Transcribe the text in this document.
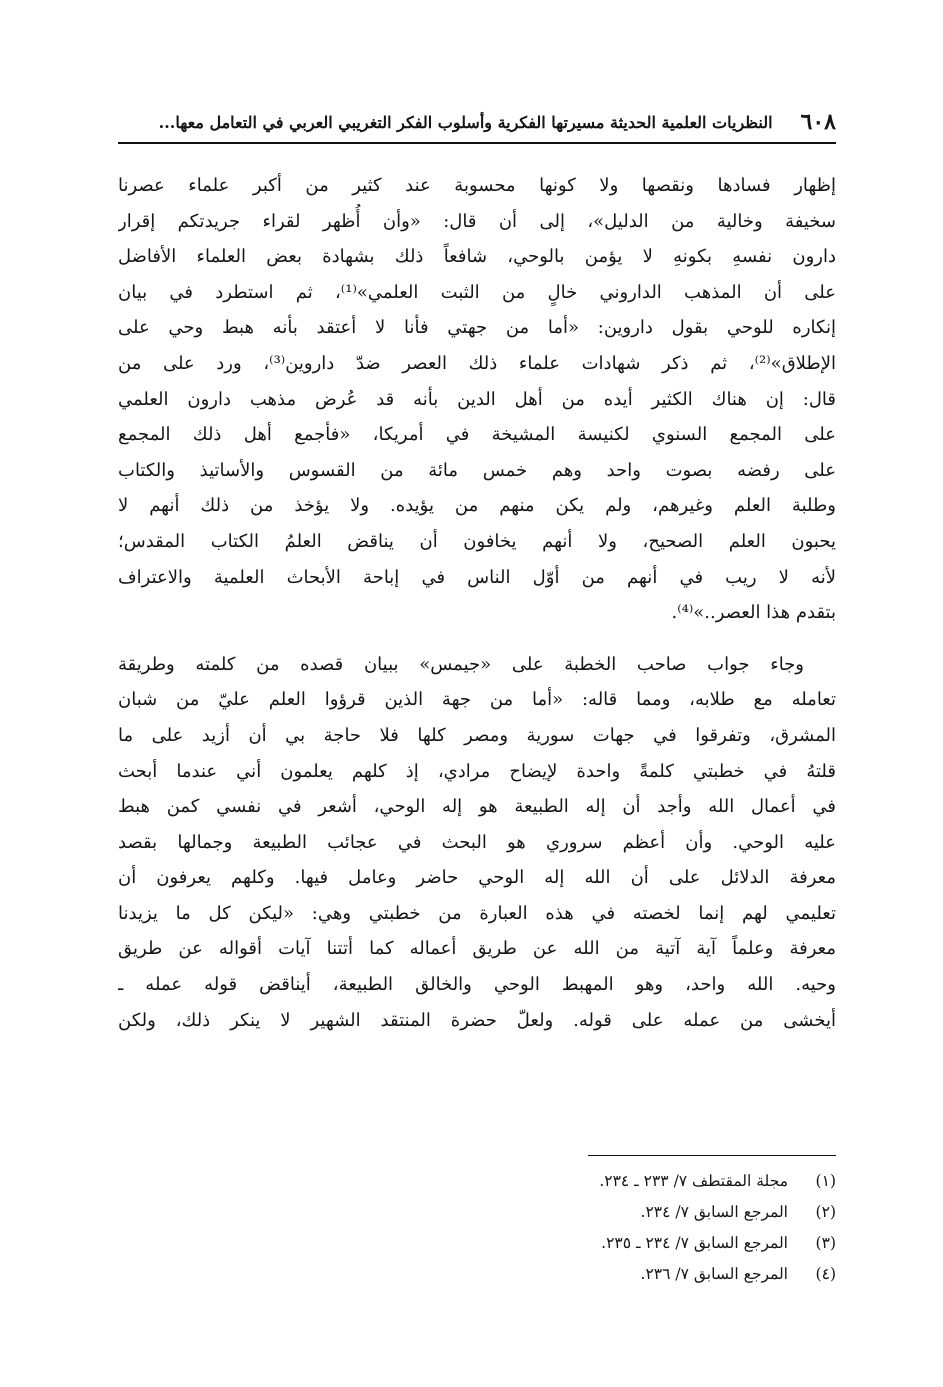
٦٠٨
النظريات العلمية الحديثة مسيرتها الفكرية وأسلوب الفكر التغريبي العربي في التعامل معها...
إظهار فسادها ونقصها ولا كونها محسوبة عند كثير من أكبر علماء عصرنا
سخيفة وخالية من الدليل»، إلى أن قال: «وأن أُظهر لقراء جريدتكم إقرار
دارون نفسهِ بكونهِ لا يؤمن بالوحي، شافعاً ذلك بشهادة بعض العلماء الأفاضل
على أن المذهب الداروني خالٍ من الثبت العلمي»⁽¹⁾، ثم استطرد في بيان
إنكاره للوحي بقول داروين: «أما من جهتي فأنا لا أعتقد بأنه هبط وحي على
الإطلاق»⁽²⁾، ثم ذكر شهادات علماء ذلك العصر ضدّ داروين⁽³⁾، ورد على من
قال: إن هناك الكثير أيده من أهل الدين بأنه قد عُرض مذهب دارون العلمي
على المجمع السنوي لكنيسة المشيخة في أمريكا، «فأجمع أهل ذلك المجمع
على رفضه بصوت واحد وهم خمس مائة من القسوس والأساتيذ والكتاب
وطلبة العلم وغيرهم، ولم يكن منهم من يؤيده. ولا يؤخذ من ذلك أنهم لا
يحبون العلم الصحيح، ولا أنهم يخافون أن يناقض العلمُ الكتاب المقدس؛
لأنه لا ريب في أنهم من أوّل الناس في إباحة الأبحاث العلمية والاعتراف
بتقدم هذا العصر..»⁽⁴⁾.
وجاء جواب صاحب الخطبة على «جيمس» ببيان قصده من كلمته وطريقة
تعامله مع طلابه، ومما قاله: «أما من جهة الذين قرؤوا العلم عليّ من شبان
المشرق، وتفرقوا في جهات سورية ومصر كلها فلا حاجة بي أن أزيد على ما
قلتهُ في خطبتي كلمةً واحدة لإيضاح مرادي، إذ كلهم يعلمون أني عندما أبحث
في أعمال الله وأجد أن إله الطبيعة هو إله الوحي، أشعر في نفسي كمن هبط
عليه الوحي. وأن أعظم سروري هو البحث في عجائب الطبيعة وجمالها بقصد
معرفة الدلائل على أن الله إله الوحي حاضر وعامل فيها. وكلهم يعرفون أن
تعليمي لهم إنما لخصته في هذه العبارة من خطبتي وهي: «ليكن كل ما يزيدنا
معرفة وعلماً آية آتية من الله عن طريق أعماله كما أتتنا آيات أقواله عن طريق
وحيه. الله واحد، وهو المهبط الوحي والخالق الطبيعة، أيناقض قوله عمله ـ
أيخشى من عمله على قوله. ولعلّ حضرة المنتقد الشهير لا ينكر ذلك، ولكن
(١)
مجلة المقتطف ٧/ ٢٣٣ ـ ٢٣٤.
(٢)
المرجع السابق ٧/ ٢٣٤.
(٣)
المرجع السابق ٧/ ٢٣٤ ـ ٢٣٥.
(٤)
المرجع السابق ٧/ ٢٣٦.
